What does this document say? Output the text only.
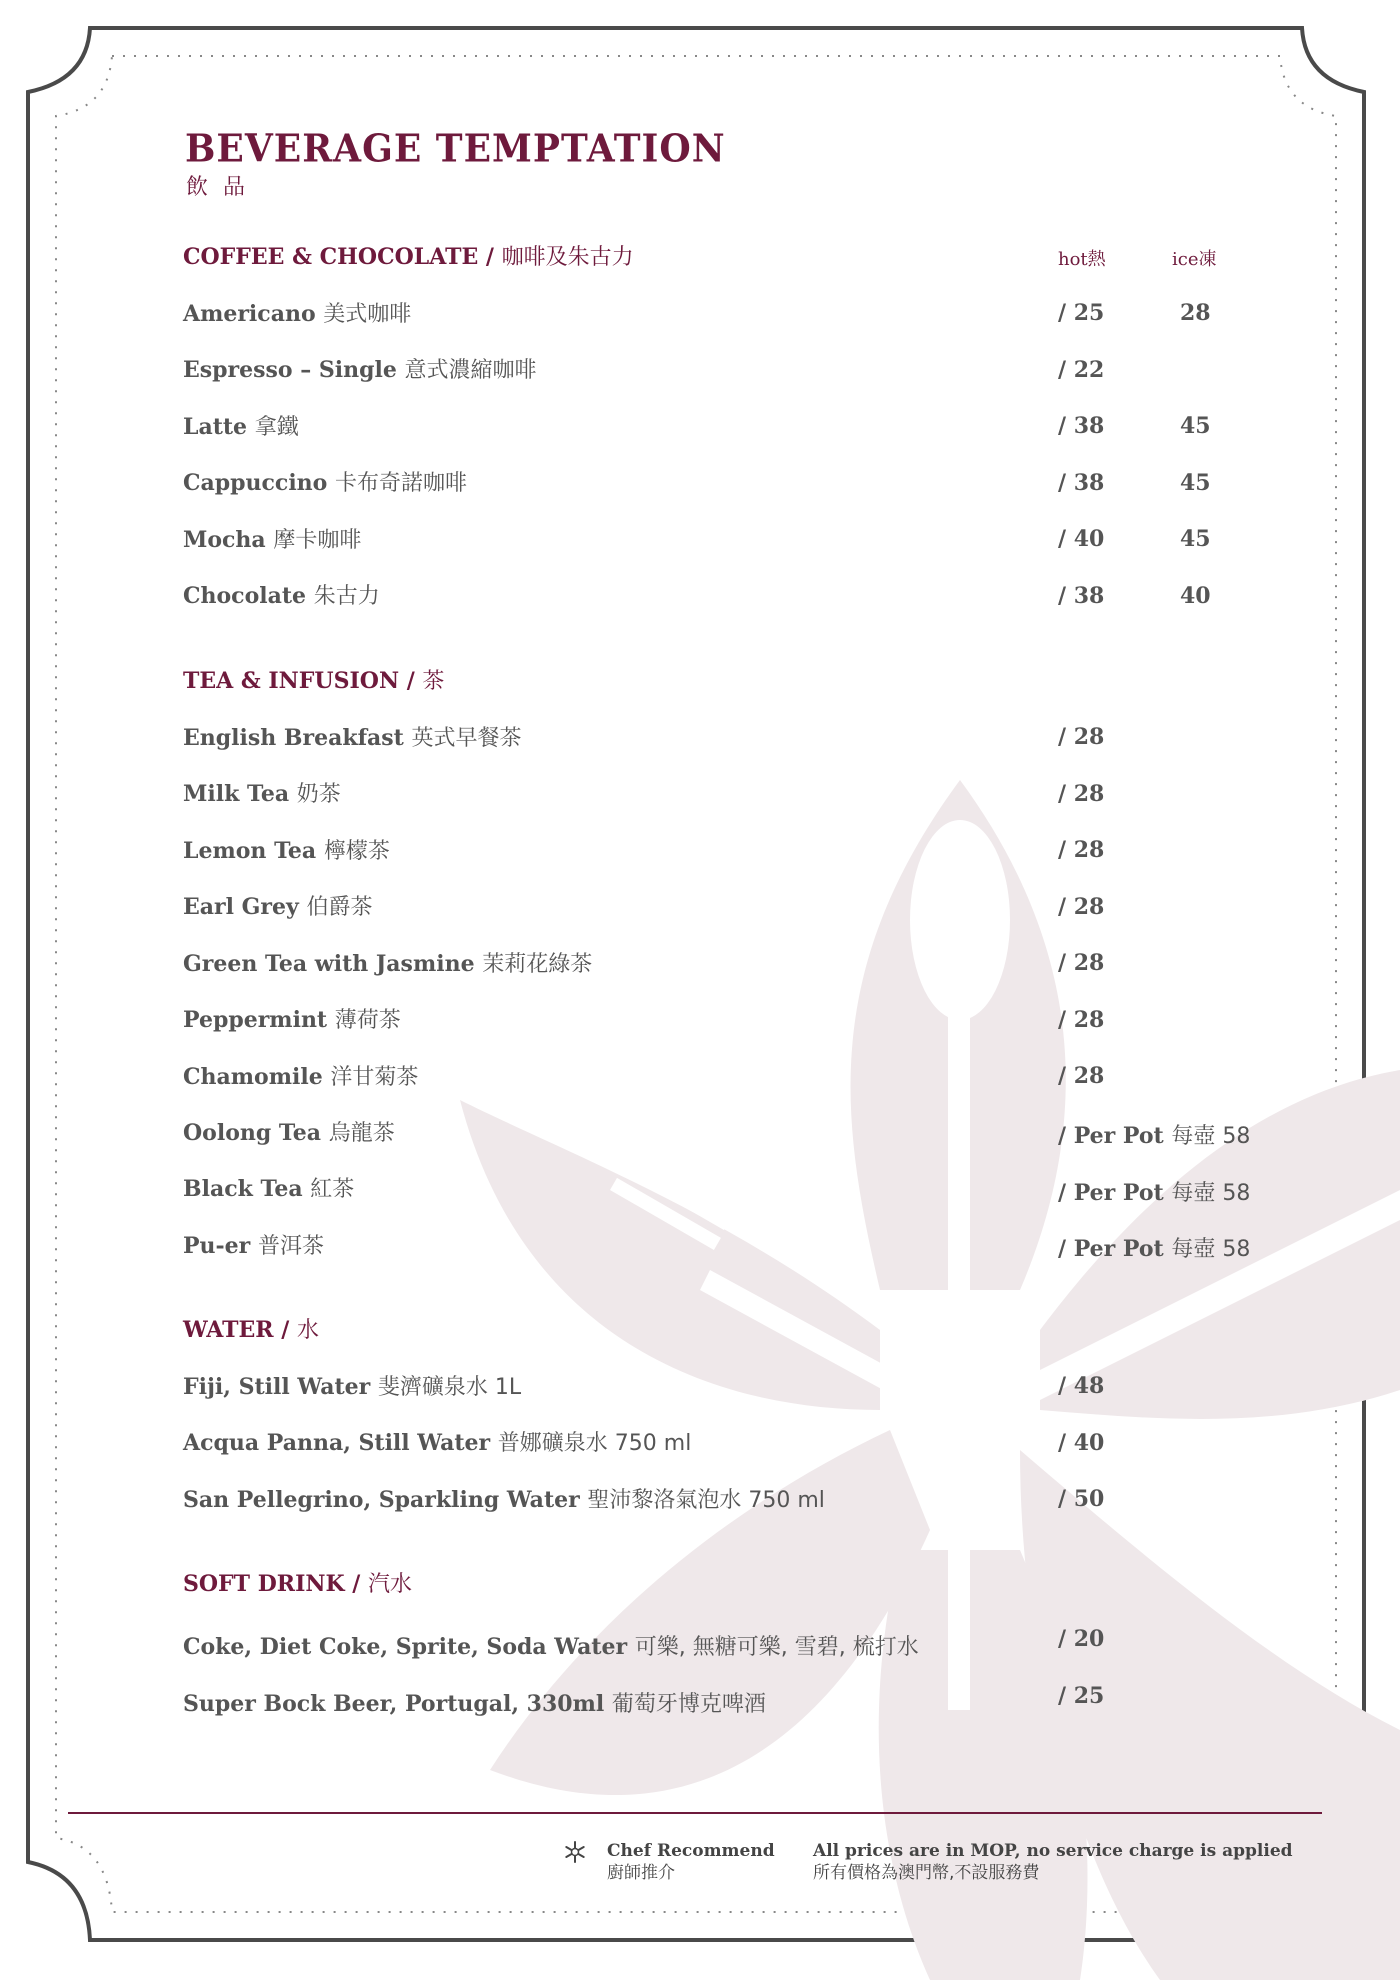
BEVERAGE TEMPTATION
飲 品
hot熱	ice凍
COFFEE & CHOCOLATE / 咖啡及朱古力
Americano 美式咖啡	/ 25	28
Espresso – Single 意式濃縮咖啡	/ 22
Latte 拿鐵	/ 38	45
Cappuccino 卡布奇諾咖啡	/ 38	45
Mocha 摩卡咖啡	/ 40	45
Chocolate 朱古力	/ 38	40
TEA & INFUSION / 茶
English Breakfast 英式早餐茶	/ 28
Milk Tea 奶茶	/ 28
Lemon Tea 檸檬茶	/ 28
Earl Grey 伯爵茶	/ 28
Green Tea with Jasmine 茉莉花綠茶	/ 28
Peppermint 薄荷茶	/ 28
Chamomile 洋甘菊茶	/ 28
Oolong Tea 烏龍茶	/ Per Pot 每壺 58
Black Tea 紅茶	/ Per Pot 每壺 58
Pu-er 普洱茶	/ Per Pot 每壺 58
WATER / 水
Fiji, Still Water 斐濟礦泉水 1L	/ 48
Acqua Panna, Still Water 普娜礦泉水 750 ml	/ 40
San Pellegrino, Sparkling Water 聖沛黎洛氣泡水 750 ml	/ 50
SOFT DRINK / 汽水
Coke, Diet Coke, Sprite, Soda Water 可樂, 無糖可樂, 雪碧, 梳打水	/ 20
Super Bock Beer, Portugal, 330ml 葡萄牙博克啤酒	/ 25
Chef Recommend
廚師推介
All prices are in MOP, no service charge is applied
所有價格為澳門幣,不設服務費
